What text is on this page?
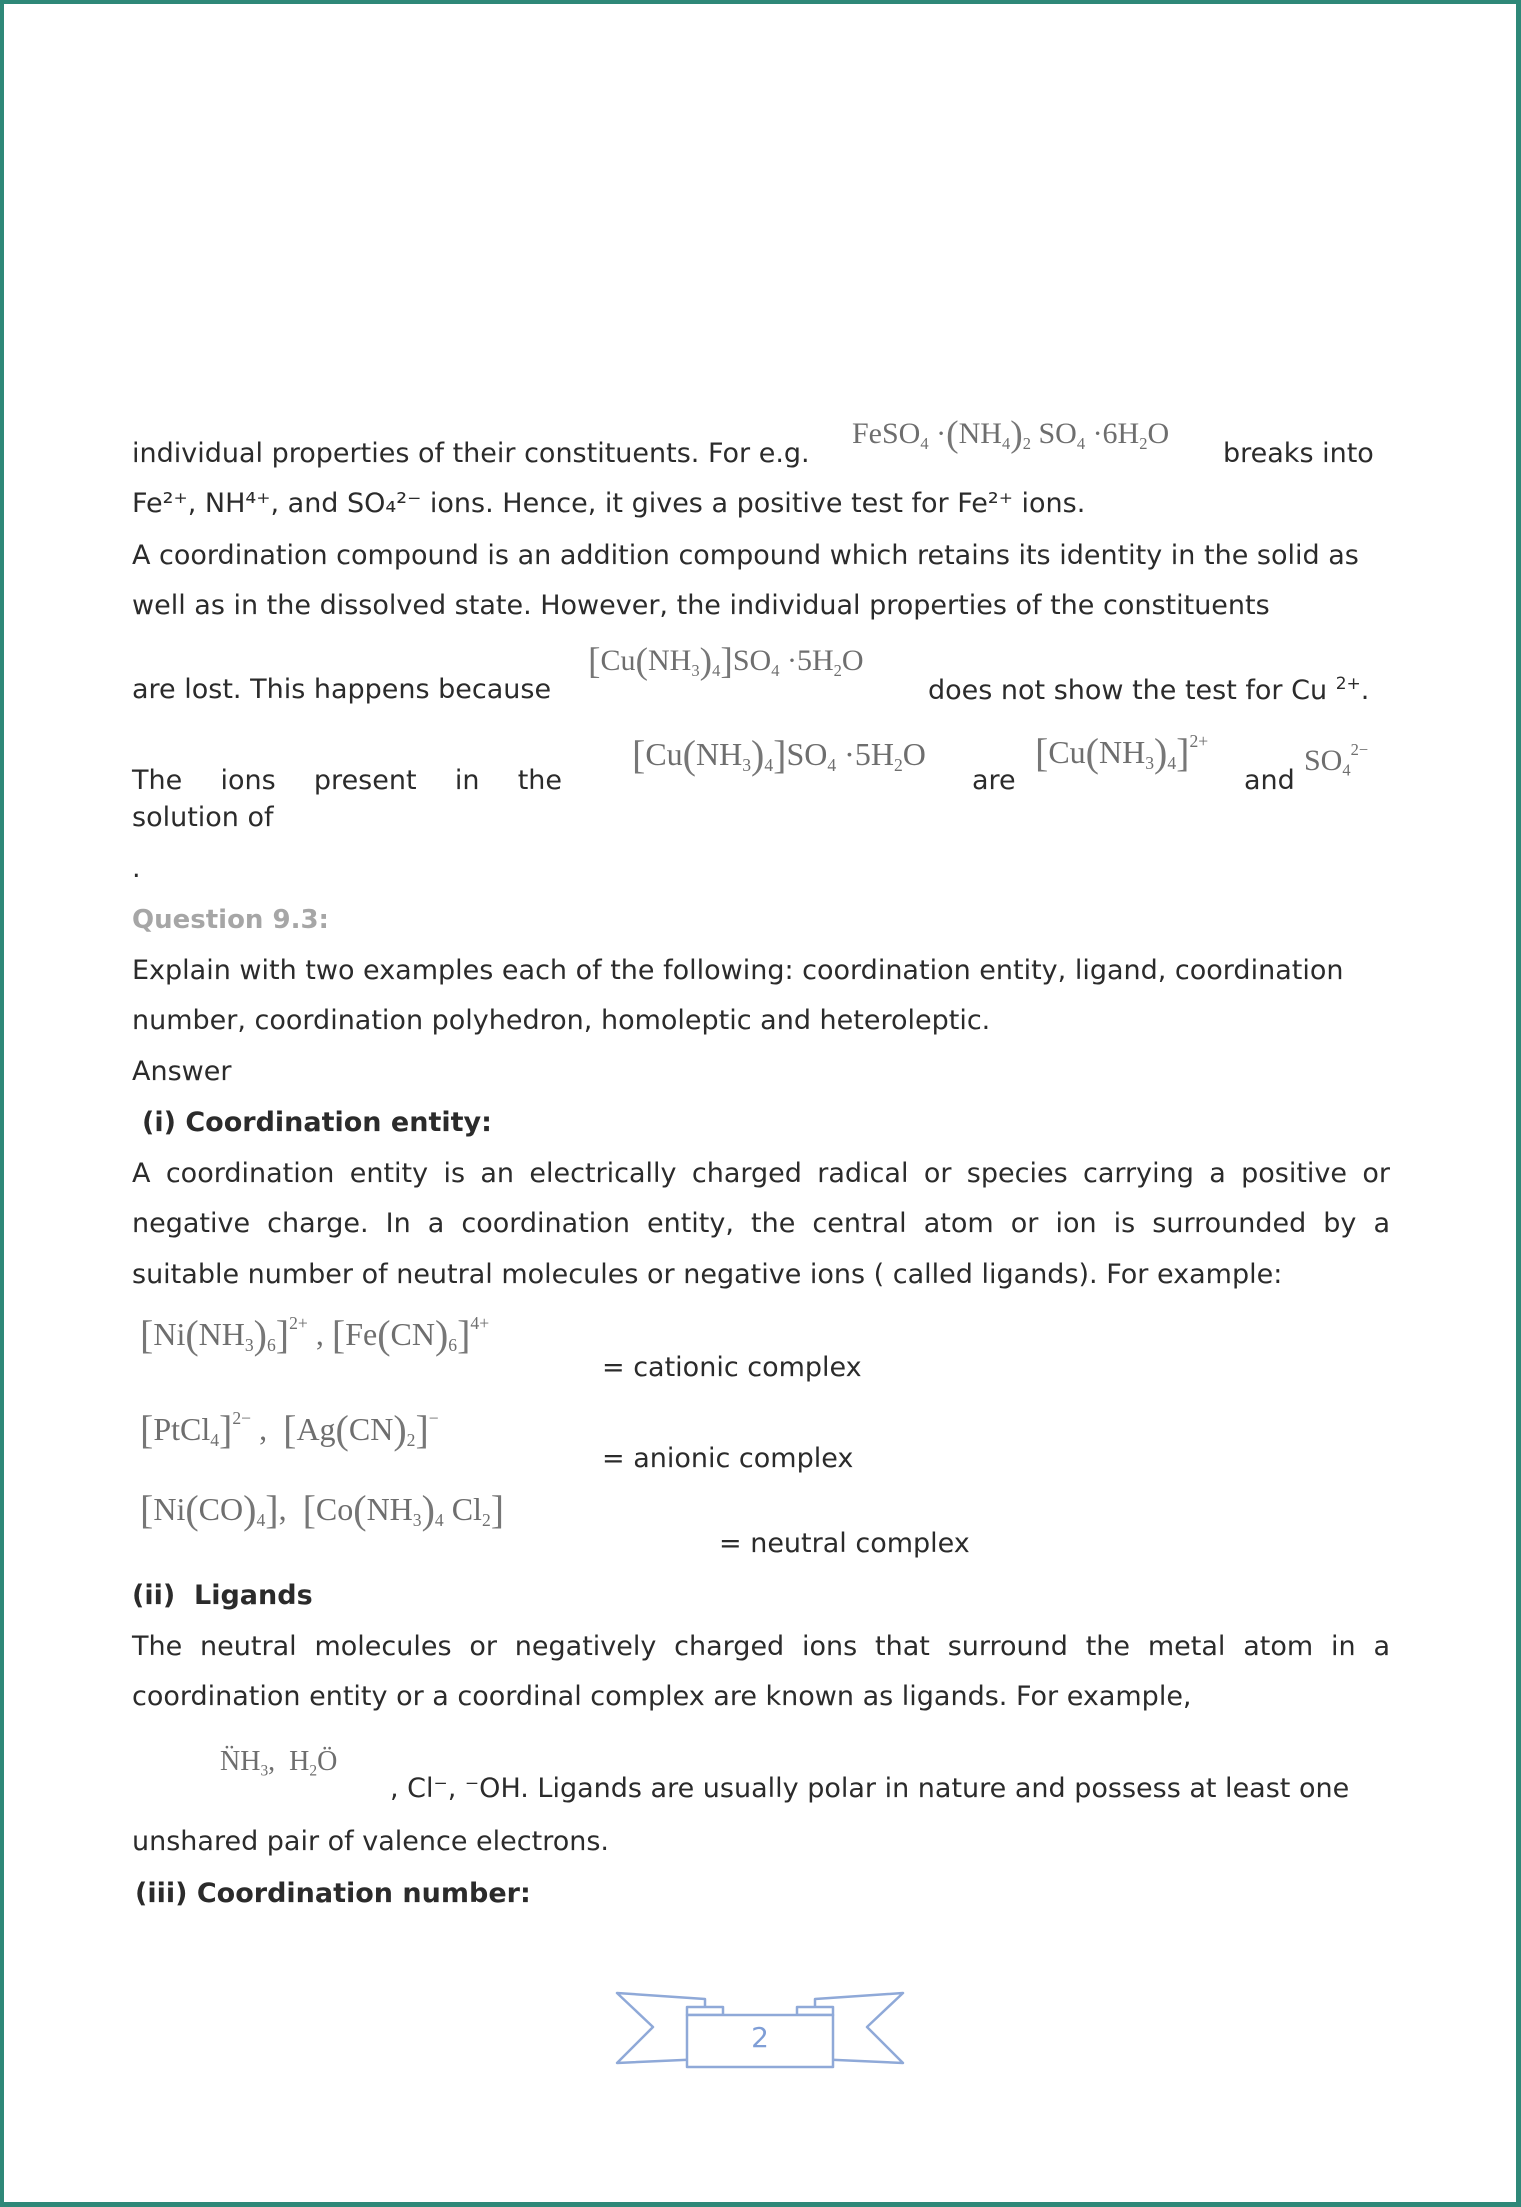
individual properties of their constituents. For e.g.
FeSO$_4$ $\cdot(NH_4)_2$ $SO_4 \cdot 6H_2O$
breaks into
Fe²⁺, NH⁴⁺, and SO₄²⁻ ions. Hence, it gives a positive test for Fe²⁺ ions.
A coordination compound is an addition compound which retains its identity in the solid as
well as in the dissolved state. However, the individual properties of the constituents
are lost. This happens because
$[Cu(NH_3)_4]SO_4 \cdot 5H_2O$
does not show the test for Cu $^{2+}$.
The ions present in the
solution of
$[Cu(NH_3)_4]SO_4 \cdot 5H_2O$
are
$[Cu(NH_3)_4]^{2+}$
and
$SO_4^{2-}$
.
Question 9.3:
Explain with two examples each of the following: coordination entity, ligand, coordination
number, coordination polyhedron, homoleptic and heteroleptic.
Answer
(i) Coordination entity:
A coordination entity is an electrically charged radical or species carrying a positive or
negative charge. In a coordination entity, the central atom or ion is surrounded by a
suitable number of neutral molecules or negative ions ( called ligands). For example:
$[Ni(NH_3)_6]^{2+}$ , $[Fe(CN)_6]^{4+}$
= cationic complex
[PtCl$_4$]$^{2-}$ ,  $[Ag(CN)_2]^-$
= anionic complex
$[Ni(CO)_4]$,  [$Co(NH_3)_4$ $Cl_2$]
= neutral complex
(ii) Ligands
The neutral molecules or negatively charged ions that surround the metal atom in a
coordination entity or a coordinal complex are known as ligands. For example,
$N̈H_3$,  $H_2Ö$
, Cl⁻, ⁻OH. Ligands are usually polar in nature and possess at least one
unshared pair of valence electrons.
(iii) Coordination number:
2
